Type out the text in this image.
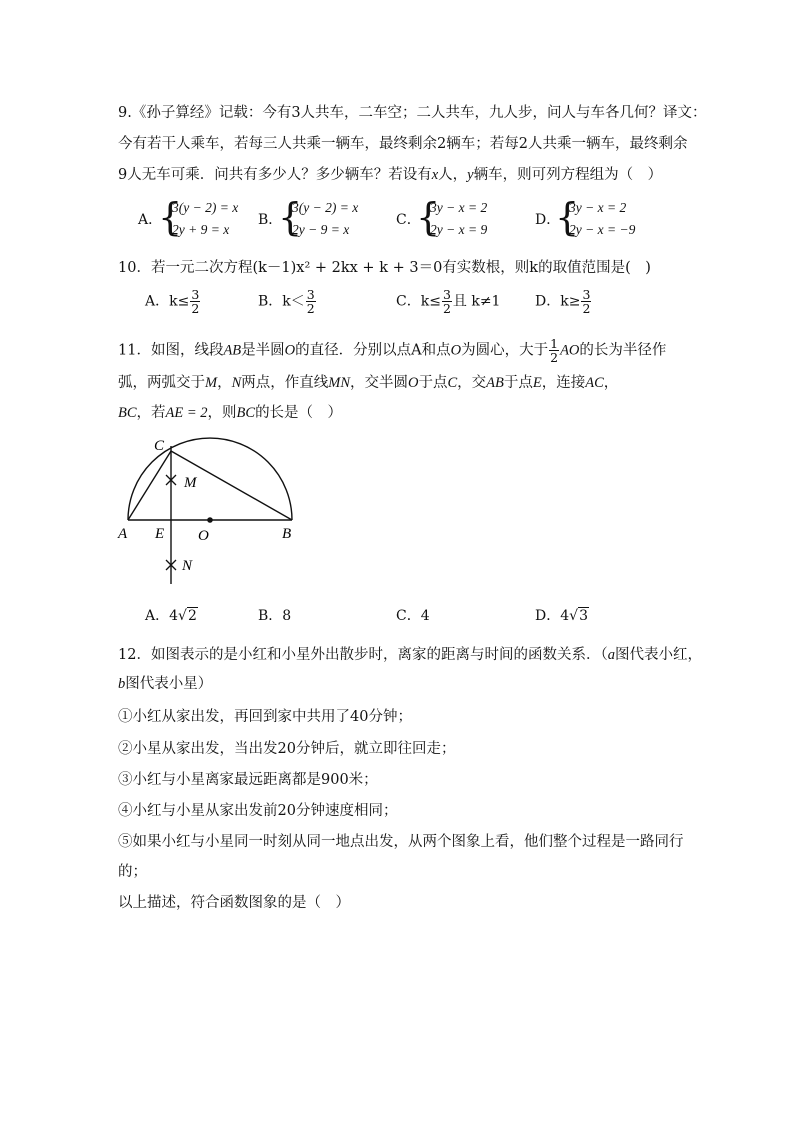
9.《孙子算经》记载：今有3人共车，二车空；二人共车，九人步，问人与车各几何？译文：
今有若干人乘车，若每三人共乘一辆车，最终剩余2辆车；若每2人共乘一辆车，最终剩余
9人无车可乘．问共有多少人？多少辆车？若设有x人，y辆车，则可列方程组为（　）
A．
{
3(y − 2) = x
2y + 9 = x
B．
{
3(y − 2) = x
2y − 9 = x
C．
{
3y − x = 2
2y − x = 9
D．
{
3y − x = 2
2y − x = −9
10．若一元二次方程(k－1)x² + 2kx + k + 3＝0有实数根，则k的取值范围是(　)
A．$k\le \frac{3}{2}$	B．$k< \frac{3}{2}$	C．$k\le \frac{3}{2}$ 且 k≠1 D．$k\ge \frac{3}{2}$
11．如图，线段AB是半圆O的直径．分别以点A和点O为圆心，大于 $\frac{1}{2}$ AO的长为半径作
弧，两弧交于M，N两点，作直线MN，交半圆O于点C，交AB于点E，连接AC，
BC，若AE = 2，则BC的长是（　）
C
M
A E O	B
N
A．4√2	B．8	C．4	D．4√3
12．如图表示的是小红和小星外出散步时，离家的距离与时间的函数关系．（a图代表小红，
b图代表小星）
①小红从家出发，再回到家中共用了40分钟；
②小星从家出发，当出发20分钟后，就立即往回走；
③小红与小星离家最远距离都是900米；
④小红与小星从家出发前20分钟速度相同；
⑤如果小红与小星同一时刻从同一地点出发，从两个图象上看，他们整个过程是一路同行
的；
以上描述，符合函数图象的是（　）
